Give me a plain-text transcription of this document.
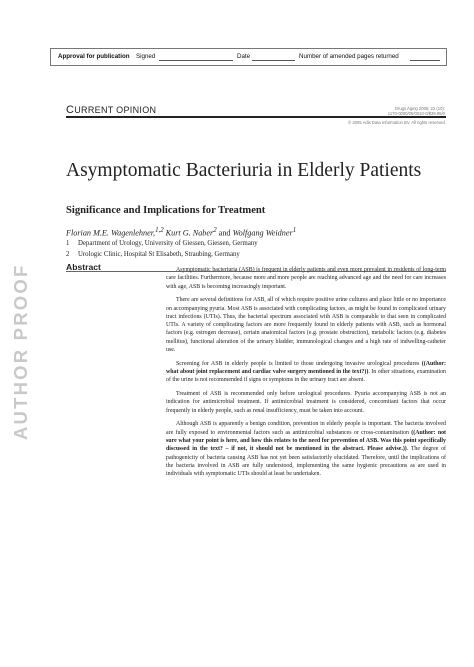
Approval for publication Signed	Date	Number of amended pages returned
CURRENT OPINION	Drugs Aging 2005; 22 (10):
1170-0000/05/0010-0/$39.95/0
© 2005 Adis Data Information BV. All rights reserved.
Asymptomatic Bacteriuria in Elderly Patients
Significance and Implications for Treatment
Florian M.E. Wagenlehner,$^{1,2}$ Kurt G. Naber$^2$ and Wolfgang Weidner$^1$
1	Department of Urology, University of Giessen, Giessen, Germany
2	Urologic Clinic, Hospital St Elisabeth, Straubing, Germany
Abstract	Asymptomatic bacteriuria (ASB) is frequent in elderly patients and even more prevalent in residents of long-term care facilities. Furthermore, because more and more people are reaching advanced age and the need for care increases with age, ASB is becoming increasingly important.

There are several definitions for ASB, all of which require positive urine cultures and place little or no importance on accompanying pyuria. Most ASB is associated with complicating factors, as might be found in complicated urinary tract infections (UTIs). Thus, the bacterial spectrum associated with ASB is comparable to that seen in complicated UTIs. A variety of complicating factors are more frequently found in elderly patients with ASB, such as hormonal factors (e.g. estrogen decrease), certain anatomical factors (e.g. prostate obstruction), metabolic factors (e.g. diabetes mellitus), functional alteration of the urinary bladder, immunological changes and a high rate of indwelling-catheter use.

Screening for ASB in elderly people is limited to those undergoing invasive urological procedures ((Author: what about joint replacement and cardiac valve surgery mentioned in the text?)). In other situations, examination of the urine is not recommended if signs or symptoms in the urinary tract are absent.

Treatment of ASB is recommended only before urological procedures. Pyuria accompanying ASB is not an indication for antimicrobial treatment. If antimicrobial treatment is considered, concomitant factors that occur frequently in elderly people, such as renal insufficiency, must be taken into account.

Although ASB is apparently a benign condition, prevention in elderly people is important. The bacteria involved are fully exposed to environmental factors such as antimicrobial substances or cross-contamination ((Author: not sure what your point is here, and how this relates to the need for prevention of ASB. Was this point specifically discussed in the text? – if not, it should not be mentioned in the abstract. Please advise.)). The degree of pathogenicity of bacteria causing ASB has not yet been satisfactorily elucidated. Therefore, until the implications of the bacteria involved in ASB are fully understood, implementing the same hygienic precautions as are used in individuals with symptomatic UTIs should at least be undertaken.

AUTHOR PROOF
